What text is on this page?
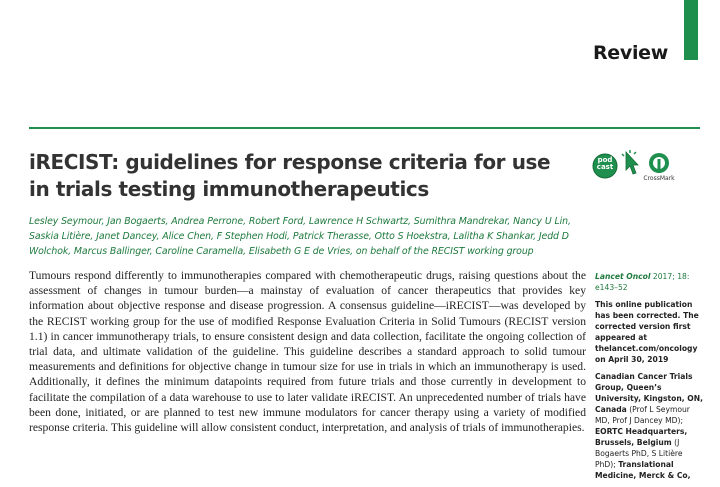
Review
iRECIST: guidelines for response criteria for use in trials testing immunotherapeutics
pod
cast
CrossMark

Lesley Seymour, Jan Bogaerts, Andrea Perrone, Robert Ford, Lawrence H Schwartz, Sumithra Mandrekar, Nancy U Lin, Saskia Litière, Janet Dancey, Alice Chen, F Stephen Hodi, Patrick Therasse, Otto S Hoekstra, Lalitha K Shankar, Jedd D Wolchok, Marcus Ballinger, Caroline Caramella, Elisabeth G E de Vries, on behalf of the RECIST working group

Tumours respond differently to immunotherapies compared with chemotherapeutic drugs, raising questions about the assessment of changes in tumour burden—a mainstay of evaluation of cancer therapeutics that provides key information about objective response and disease progression. A consensus guideline—iRECIST—was developed by the RECIST working group for the use of modified Response Evaluation Criteria in Solid Tumours (RECIST version 1.1) in cancer immunotherapy trials, to ensure consistent design and data collection, facilitate the ongoing collection of trial data, and ultimate validation of the guideline. This guideline describes a standard approach to solid tumour measurements and definitions for objective change in tumour size for use in trials in which an immunotherapy is used. Additionally, it defines the minimum datapoints required from future trials and those currently in development to facilitate the compilation of a data warehouse to use to later validate iRECIST. An unprecedented number of trials have been done, initiated, or are planned to test new immune modulators for cancer therapy using a variety of modified response criteria. This guideline will allow consistent conduct, interpretation, and analysis of trials of immunotherapies.

Lancet Oncol 2017; 18: e143–52

This online publication has been corrected. The corrected version first appeared at thelancet.com/oncology on April 30, 2019

Canadian Cancer Trials Group, Queen’s University, Kingston, ON, Canada (Prof L Seymour MD, Prof J Dancey MD); EORTC Headquarters, Brussels, Belgium (J Bogaerts PhD, S Litière PhD); Translational Medicine, Merck & Co,
